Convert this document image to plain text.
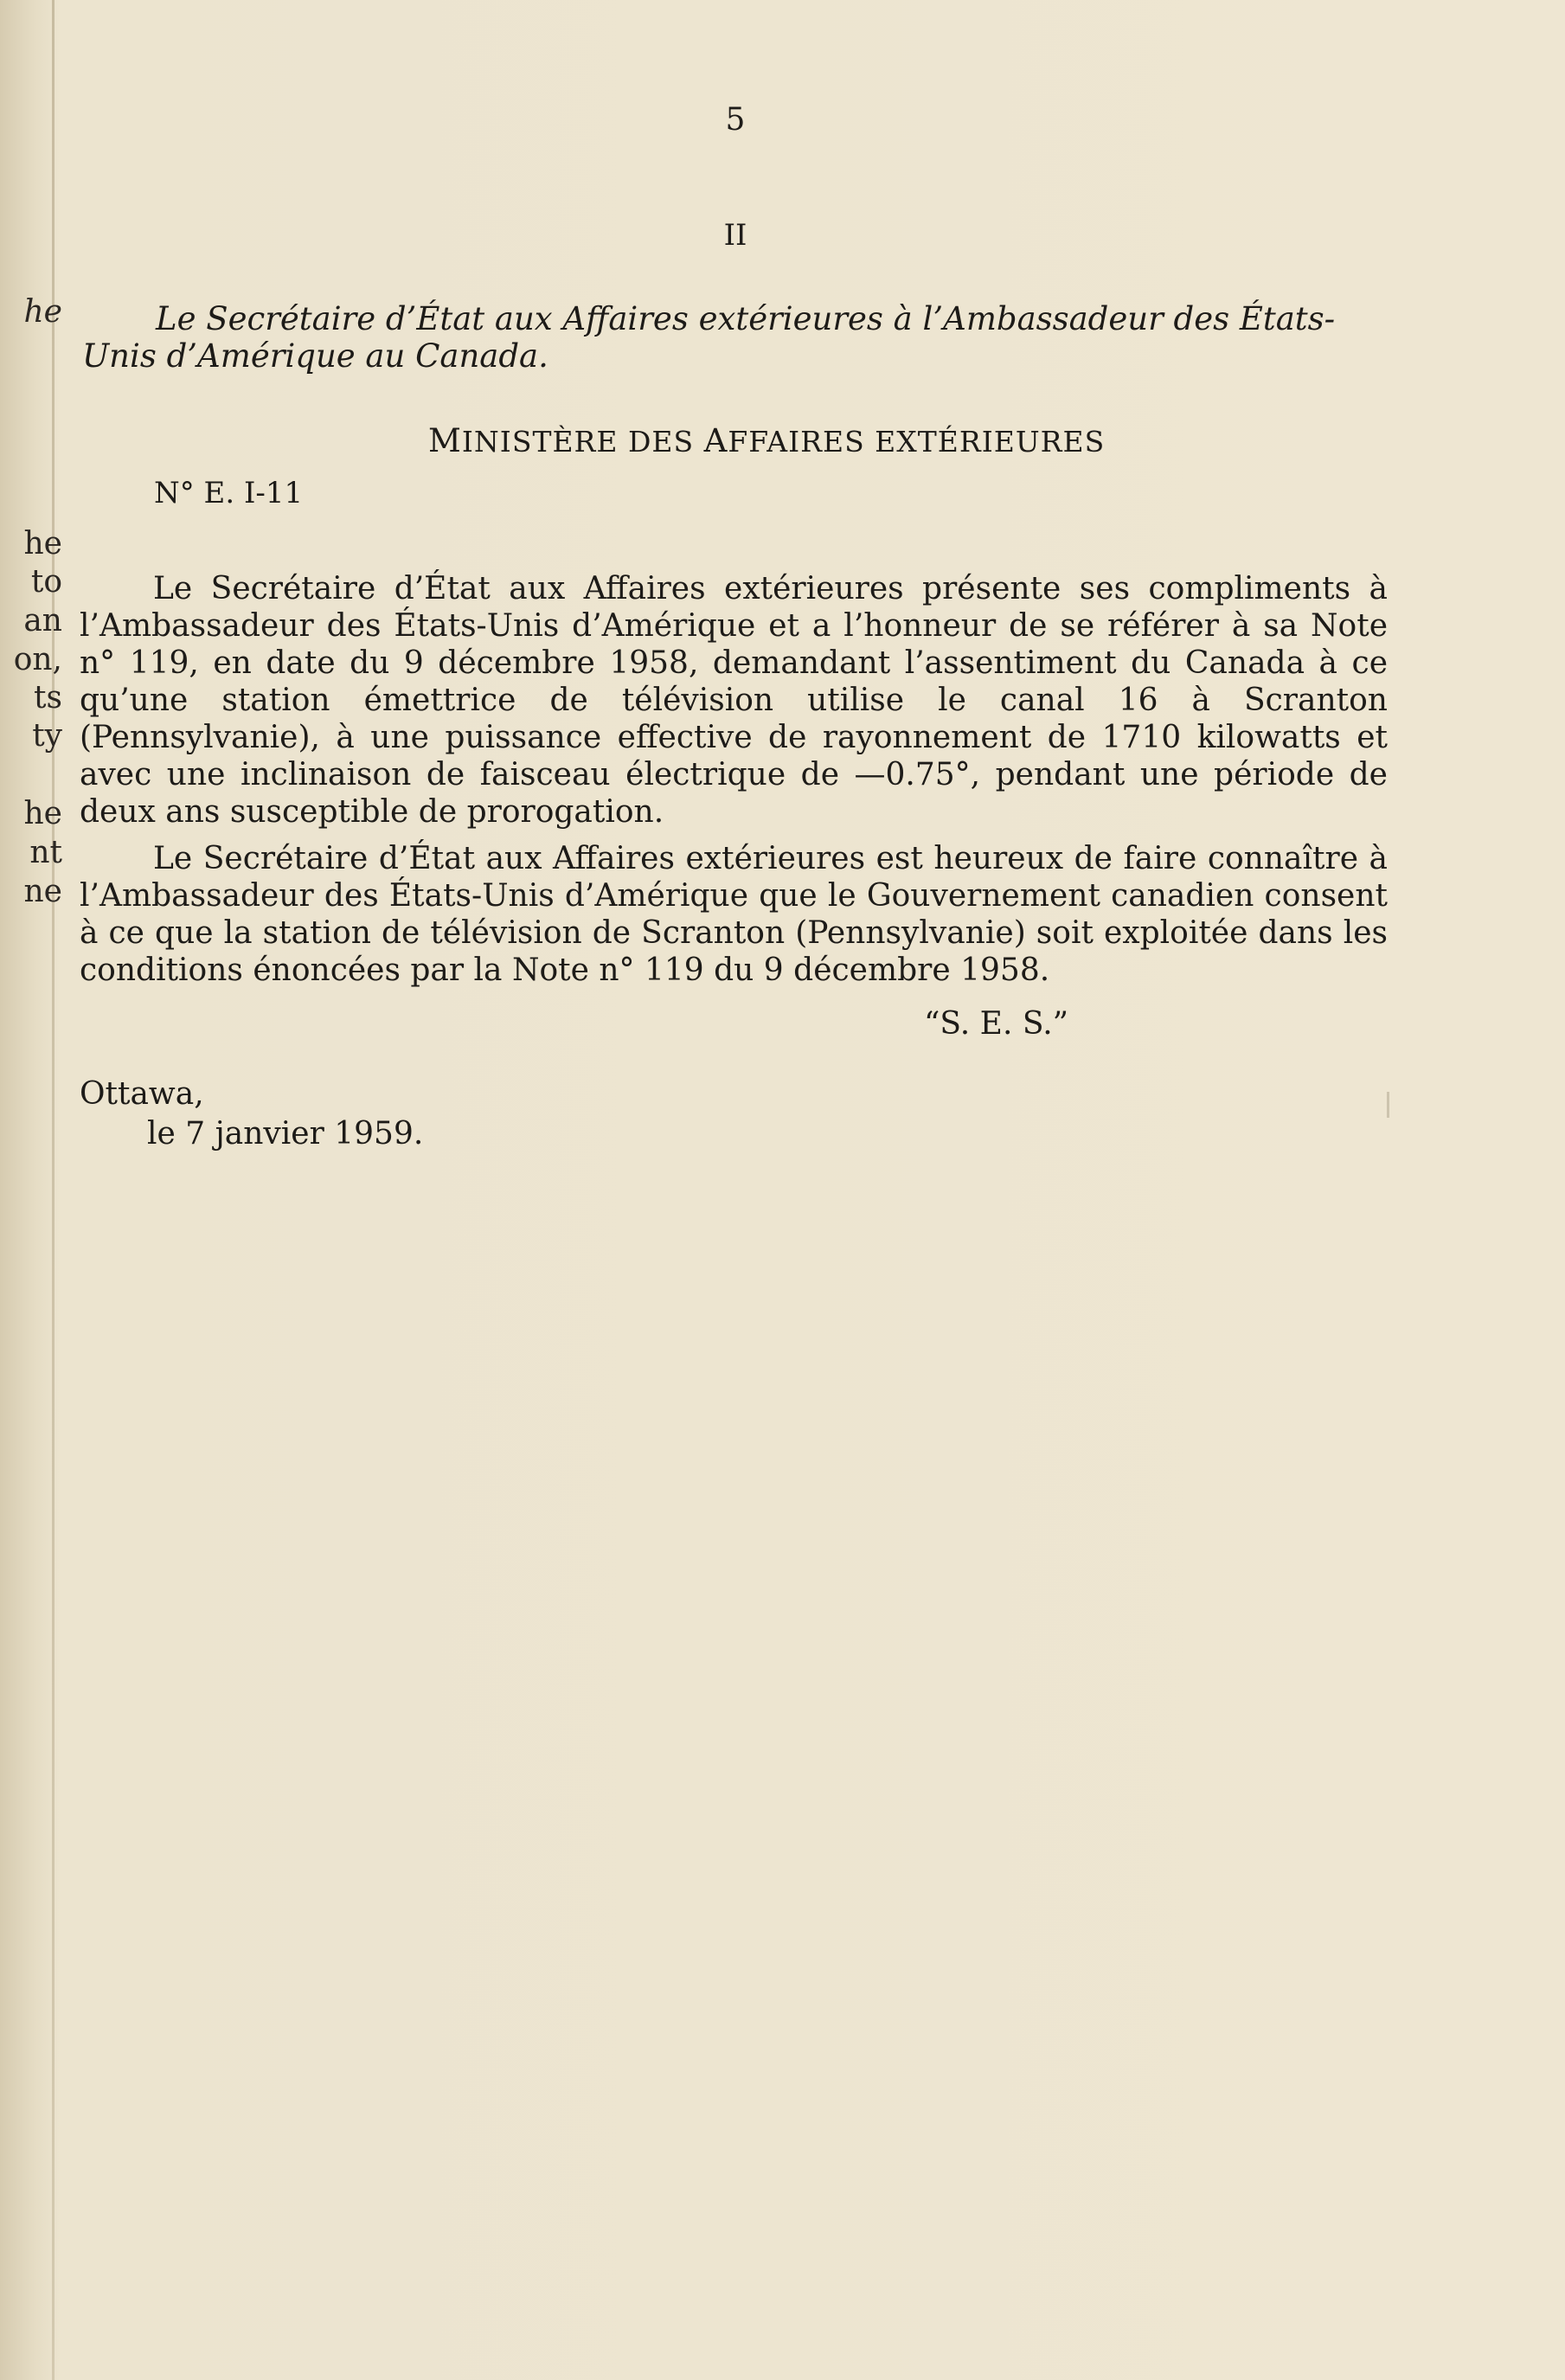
he
he
to
an
on,
ts
ty
he
nt
ne
5
II
Le Secrétaire d’État aux Affaires extérieures à l’Ambassadeur des États-Unis d’Amérique au Canada.
MINISTÈRE DES AFFAIRES EXTÉRIEURES
N° E. I-11

Le Secrétaire d’État aux Affaires extérieures présente ses compliments à l’Ambassadeur des États-Unis d’Amérique et a l’honneur de se référer à sa Note n° 119, en date du 9 décembre 1958, demandant l’assentiment du Canada à ce qu’une station émettrice de télévision utilise le canal 16 à Scranton (Pennsylvanie), à une puissance effective de rayonnement de 1710 kilowatts et avec une inclinaison de faisceau électrique de —0.75°, pendant une période de deux ans susceptible de prorogation.

Le Secrétaire d’État aux Affaires extérieures est heureux de faire connaître à l’Ambassadeur des États-Unis d’Amérique que le Gouvernement canadien consent à ce que la station de télévision de Scranton (Pennsylvanie) soit exploitée dans les conditions énoncées par la Note n° 119 du 9 décembre 1958.

“S. E. S.”
Ottawa,
le 7 janvier 1959.
